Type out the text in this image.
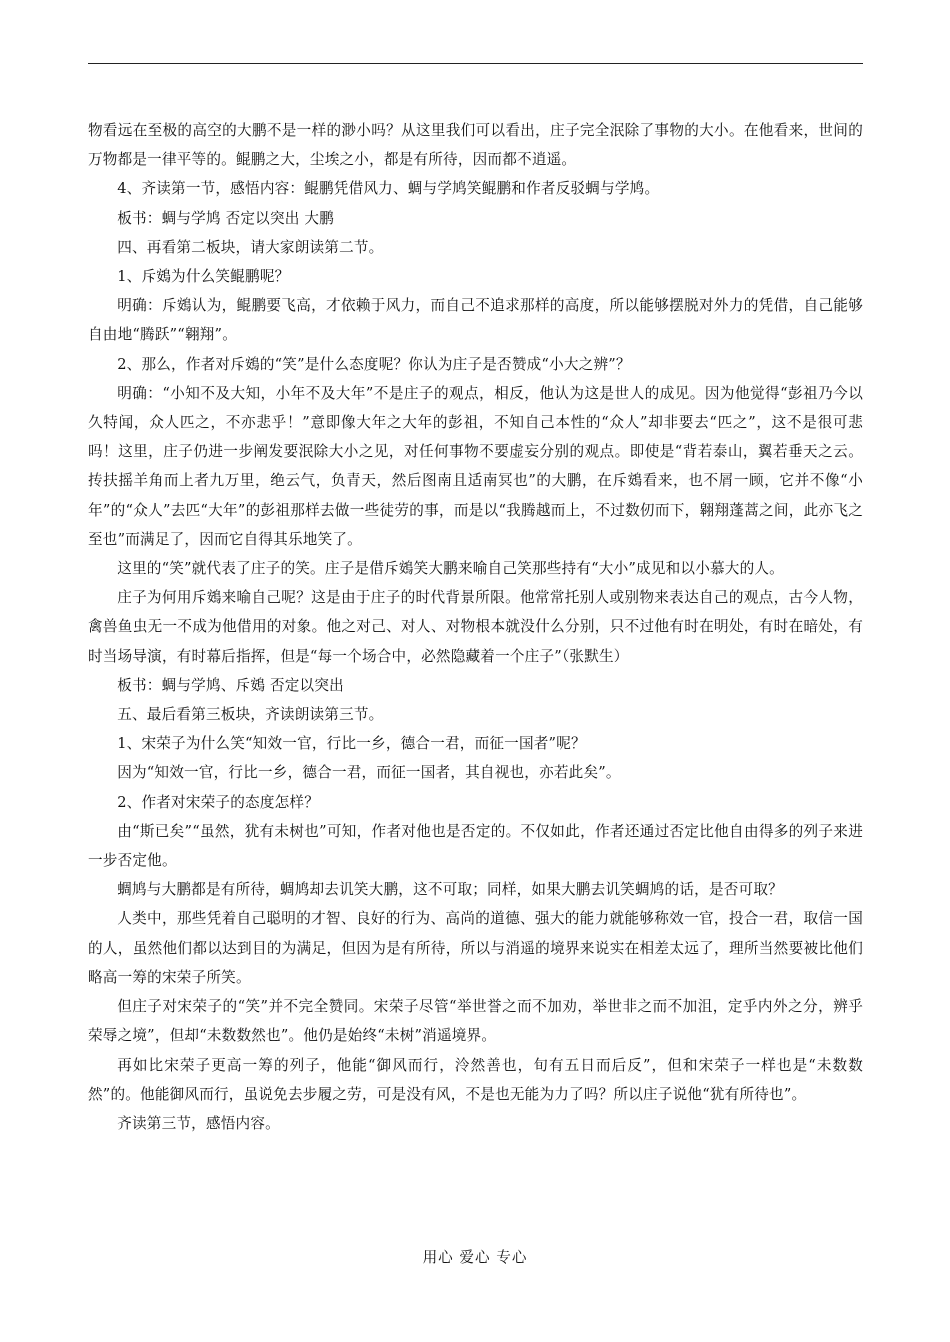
物看远在至极的高空的大鹏不是一样的渺小吗？从这里我们可以看出，庄子完全泯除了事物的大小。在他看来，世间的万物都是一律平等的。鲲鹏之大，尘埃之小，都是有所待，因而都不逍遥。

4、齐读第一节，感悟内容：鲲鹏凭借风力、蜩与学鸠笑鲲鹏和作者反驳蜩与学鸠。

板书：蜩与学鸠 否定以突出 大鹏

四、再看第二板块，请大家朗读第二节。

1、斥鴳为什么笑鲲鹏呢？

明确：斥鴳认为，鲲鹏要飞高，才依赖于风力，而自己不追求那样的高度，所以能够摆脱对外力的凭借，自己能够自由地“腾跃”“翱翔”。

2、那么，作者对斥鴳的“笑”是什么态度呢？你认为庄子是否赞成“小大之辨”？

明确：“小知不及大知，小年不及大年”不是庄子的观点，相反，他认为这是世人的成见。因为他觉得“彭祖乃今以久特闻，众人匹之，不亦悲乎！”意即像大年之大年的彭祖，不知自己本性的“众人”却非要去“匹之”，这不是很可悲吗！这里，庄子仍进一步阐发要泯除大小之见，对任何事物不要虚妄分别的观点。即使是“背若泰山，翼若垂天之云。抟扶摇羊角而上者九万里，绝云气，负青天，然后图南且适南冥也”的大鹏，在斥鴳看来，也不屑一顾，它并不像“小年”的“众人”去匹“大年”的彭祖那样去做一些徒劳的事，而是以“我腾越而上，不过数仞而下，翱翔蓬蒿之间，此亦飞之至也”而满足了，因而它自得其乐地笑了。

这里的“笑”就代表了庄子的笑。庄子是借斥鴳笑大鹏来喻自己笑那些持有“大小”成见和以小慕大的人。

庄子为何用斥鴳来喻自己呢？这是由于庄子的时代背景所限。他常常托别人或别物来表达自己的观点，古今人物，禽兽鱼虫无一不成为他借用的对象。他之对己、对人、对物根本就没什么分别，只不过他有时在明处，有时在暗处，有时当场导演，有时幕后指挥，但是“每一个场合中，必然隐藏着一个庄子”（张默生）

板书：蜩与学鸠、斥鴳 否定以突出

五、最后看第三板块，齐读朗读第三节。

1、宋荣子为什么笑“知效一官，行比一乡，德合一君，而征一国者”呢？

因为“知效一官，行比一乡，德合一君，而征一国者，其自视也，亦若此矣”。

2、作者对宋荣子的态度怎样？

由“斯已矣”“虽然，犹有未树也”可知，作者对他也是否定的。不仅如此，作者还通过否定比他自由得多的列子来进一步否定他。

蜩鸠与大鹏都是有所待，蜩鸠却去讥笑大鹏，这不可取；同样，如果大鹏去讥笑蜩鸠的话，是否可取？

人类中，那些凭着自己聪明的才智、良好的行为、高尚的道德、强大的能力就能够称效一官，投合一君，取信一国的人，虽然他们都以达到目的为满足，但因为是有所待，所以与消遥的境界来说实在相差太远了，理所当然要被比他们略高一筹的宋荣子所笑。

但庄子对宋荣子的“笑”并不完全赞同。宋荣子尽管“举世誉之而不加劝，举世非之而不加沮，定乎内外之分，辨乎荣辱之境”，但却“未数数然也”。他仍是始终“未树”消遥境界。

再如比宋荣子更高一筹的列子，他能“御风而行，泠然善也，旬有五日而后反”，但和宋荣子一样也是“未数数然”的。他能御风而行，虽说免去步履之劳，可是没有风，不是也无能为力了吗？所以庄子说他“犹有所待也”。

齐读第三节，感悟内容。

用心 爱心 专心
